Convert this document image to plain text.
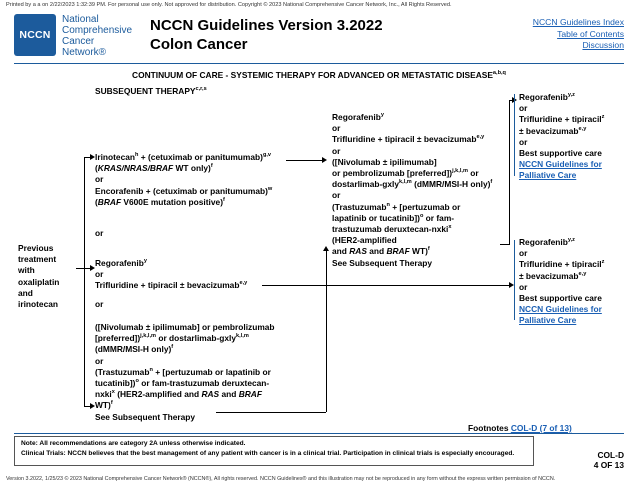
Printed by a a on 2/22/2023 1:32:39 PM. For personal use only. Not approved for distribution. Copyright © 2023 National Comprehensive Cancer Network, Inc., All Rights Reserved.
NCCN
National
Comprehensive
Cancer
Network®
NCCN Guidelines Version 3.2022
Colon Cancer
NCCN Guidelines Index
Table of Contents
Discussion
CONTINUUM OF CARE - SYSTEMIC THERAPY FOR ADVANCED OR METASTATIC DISEASE$^{a,b,q}$
SUBSEQUENT THERAPY$^{c,r,s}$
Previous
treatment
with
oxaliplatin
and
irinotecan
Irinotecan$^h$ + (cetuximab or panitumumab)$^{g,v}$
(KRAS/NRAS/BRAF WT only)$^f$
or
Encorafenib + (cetuximab or panitumumab)$^w$
(BRAF V600E mutation positive)$^f$
or
Regorafenib$^y$
or
Trifluridine + tipiracil ± bevacizumab$^{e,y}$
or
([Nivolumab ± ipilimumab] or pembrolizumab
[preferred])$^{j,k,l,m}$ or dostarlimab-gxly$^{k,l,m}$
(dMMR/MSI-H only)$^f$
or
(Trastuzumab$^n$ + [pertuzumab or lapatinib or
tucatinib])$^o$ or fam-trastuzumab deruxtecan-
nxki$^x$ (HER2-amplified and RAS and BRAF
WT)$^f$
See Subsequent Therapy
Regorafenib$^y$
or
Trifluridine + tipiracil ± bevacizumab$^{e,y}$
or
([Nivolumab ± ipilimumab]
or pembrolizumab [preferred])$^{j,k,l,m}$ or
dostarlimab-gxly$^{k,l,m}$ (dMMR/MSI-H only)$^f$
or
(Trastuzumab$^n$ + [pertuzumab or
lapatinib or tucatinib])$^o$ or fam-
trastuzumab deruxtecan-nxki$^x$
(HER2-amplified
and RAS and BRAF WT)$^f$
See Subsequent Therapy
Regorafenib$^{y,z}$
or
Trifluridine + tipiracil$^z$
± bevacizumab$^{e,y}$
or
Best supportive care
NCCN Guidelines for
Palliative Care
Regorafenib$^{y,z}$
or
Trifluridine + tipiracil$^z$
± bevacizumab$^{e,y}$
or
Best supportive care
NCCN Guidelines for
Palliative Care
Footnotes COL-D (7 of 13)
Note: All recommendations are category 2A unless otherwise indicated.
Clinical Trials: NCCN believes that the best management of any patient with cancer is in a clinical trial. Participation in clinical trials is especially encouraged.	COL-D
4 OF 13
Version 3.2022, 1/25/23 © 2023 National Comprehensive Cancer Network® (NCCN®), All rights reserved. NCCN Guidelines® and this illustration may not be reproduced in any form without the express written permission of NCCN.
